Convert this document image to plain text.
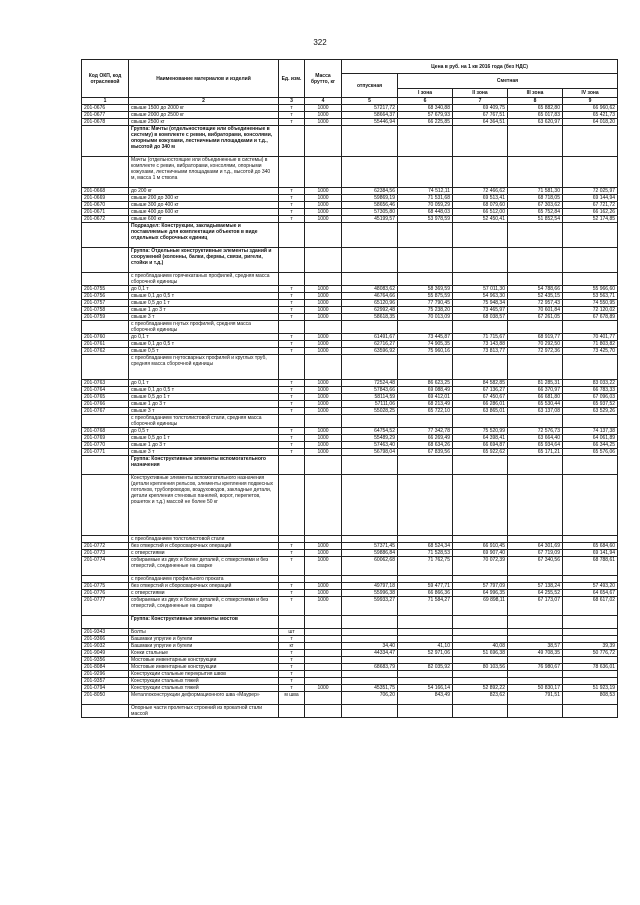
322
Код ОКП, код отраслевой	Наименование материалов и изделий	Ед. изм.	Масса брутто, кг	Цена в руб. на 1 кв 2016 года (без НДС)				
				отпускная	Сметная			
					I зона	II зона	III зона	IV зона
1	2	3	4	5	6	7	8	9
201-0676	свыше 1500 до 2000 кг	т	1000	57217,72	68 340,88	69 409,75	65 882,80	66 960,62
201-0677	свыше 2000 до 2500 кг	т	1000	58664,37	57 679,93	67 767,51	65 017,83	65 421,73
201-0678	свыше 2500 кг	т	1000	55446,94	66 225,85	64 364,51	63 620,97	64 018,20
	Группа: Мачты (отдельностоящие или объединенные в систему) в комплекте с ревин, вибраторами, консолями, опорными кожухами, лестничными площадками и т.д., высотой до 340 м							
	Мачты (отдельностоящие или объединенные в системы) в комплекте с ревин, вибраторами, консолями, опорными кожухами, лестничными площадками и т.д., высотой до 340 м, масса 1 м ствола							
201-0668	до 200 кг	т	1000	62384,56	74 512,11	72 466,62	71 581,30	72 025,97
201-0669	свыше 200 до 300 кг	т	1000	59869,19	71 531,68	69 513,41	68 718,05	69 144,94
201-0670	свыше 300 до 400 кг	т	1000	58656,46	70 059,29	68 079,60	67 303,62	67 721,72
201-0671	свыше 400 до 600 кг	т	1000	57305,80	68 448,03	66 512,00	65 752,84	66 162,26
201-0672	свыше 600 кг	т	1000	45199,57	53 978,59	52 450,41	51 852,54	52 174,85
	Подраздел: Конструкции, закладываемые и поставляемые для комплектации объектов в виде отдельных сборочных единиц							
	Группа: Отдельные конструктивные элементы зданий и сооружений (колонны, балки, фермы, связи, ригели, стойки и т.д.)							
	с преобладанием горячекатаных профилей, средняя масса сборочной единицы							
201-0755	до 0,1 т	т	1000	48083,62	58 369,59	57 011,30	54 788,66	55 966,60
201-0756	свыше 0,1 до 0,5 т	т	1000	46764,66	55 875,59	54 963,30	52 435,15	53 563,71
201-0757	свыше 0,5 до 1 т	т	1000	65120,96	77 790,45	75 948,34	72 957,43	74 550,95
201-0758	свыше 1 до 3 т	т	1000	62992,48	75 238,20	73 465,97	70 601,84	72 120,02
201-0759	свыше 3 т	т	1000	58618,35	70 013,09	68 038,57	67 261,05	67 678,89
	с преобладанием гнутых профилей, средняя масса сборочной единицы							
201-0760	до 0,1 т	т	1000	61491,67	73 445,87	71 715,67	68 919,77	70 401,77
201-0761	свыше 0,1 до 0,5 т	т	1000	62716,27	74 905,35	73 143,88	70 292,50	71 803,82
201-0762	свыше 0,5 т	т	1000	63596,92	75 960,16	73 813,77	72 972,36	73 425,70
	с преобладанием гнутосварных профилей и круглых труб, средняя масса сборочной единицы							
201-0763	до 0,1 т	т	1000	72524,48	86 623,25	84 582,85	81 285,31	83 033,22
201-0764	свыше 0,1 до 0,5 т	т	1000	57843,66	69 088,49	67 136,27	66 370,97	66 783,33
201-0765	свыше 0,5 до 1 т	т	1000	58114,59	69 412,01	67 450,67	66 681,80	67 096,03
201-0766	свыше 1 до 3 т	т	1000	57111,06	68 213,49	66 286,01	65 530,44	65 937,52
201-0767	свыше 3 т	т	1000	55028,25	65 722,10	63 865,01	63 137,08	63 529,26
	с преобладанием толстолистовой стали, средняя масса сборочной единицы							
201-0768	до 0,5 т	т	1000	64754,52	77 342,78	75 520,99	72 576,73	74 137,38
201-0769	свыше 0,5 до 1 т	т	1000	55489,29	66 269,49	64 398,41	63 664,40	64 061,89
201-0770	свыше 1 до 3 т	т	1000	57463,40	68 634,26	66 694,87	65 934,64	66 344,25
201-0771	свыше 3 т	т	1000	56798,04	67 839,56	65 922,62	65 171,21	65 576,06
	Группа: Конструктивные элементы вспомогательного назначения							
	Конструктивные элементы вспомогательного назначения (детали крепления рельсов, элементы крепления подвесных потолков, трубопроводов, воздуховодов, закладные детали, детали крепления стеновых панелей, ворот, перепетов, рошеток и т.д.) массой не более 50 кг							
	с преобладанием толстолистовой стали							
201-0772	без отверстий и сборосварочных операций	т	1000	57371,45	68 524,34	66 910,45	64 301,69	65 684,60
201-0773	с отверстиями	т	1000	59886,84	71 528,53	69 907,40	67 719,09	69 141,94
201-0774	собираемые из двух и более деталей, с отверстиями и без отверстий, соединенные на сварке	т	1000	60062,68	71 762,75	70 072,39	67 340,56	68 788,61
	с преобладанием профильного проката							
201-0775	без отверстий и сборосварочных операций	т	1000	49797,18	59 477,71	57 797,09	57 138,24	57 493,20
201-0776	с отверстиями	т	1000	55996,38	66 866,36	64 996,35	64 255,52	64 654,67
201-0777	собираемые из двух и более деталей, с отверстиями и без отверстий, соединенные на сварке	т	1000	59933,27	71 584,27	69 898,11	67 173,07	68 617,02
	Группа: Конструктивные элементы мостов							
201-9343	Болты	шт						
201-9366	Башмаки упругие и бугели	т						
201-9032	Башмаки упругие и бугели	кг		34,40	41,10	40,08	38,57	39,39
201-9049	Конки стальные	т		44334,47	52 971,06	51 696,38	49 708,35	50 776,72
201-9356	Мостовые инвентарные конструкции	т						
201-8084	Мостовые инвентарные конструкции	т		68683,79	82 035,92	80 103,56	76 980,67	78 636,01
201-9296	Конструкции стальные перекрытия швов	т						
201-9357	Конструкции стальных тяжей	т						
201-0794	Конструкции стальных тяжей	т	1000	45351,75	54 166,14	52 892,22	50 830,17	51 923,19
201-8050	Металлоконструкции деформационного шва «Маурер»	м шва		706,20	843,49	823,62	791,51	808,53
	Опорные части пролетных строений из прокатной стали массой							
